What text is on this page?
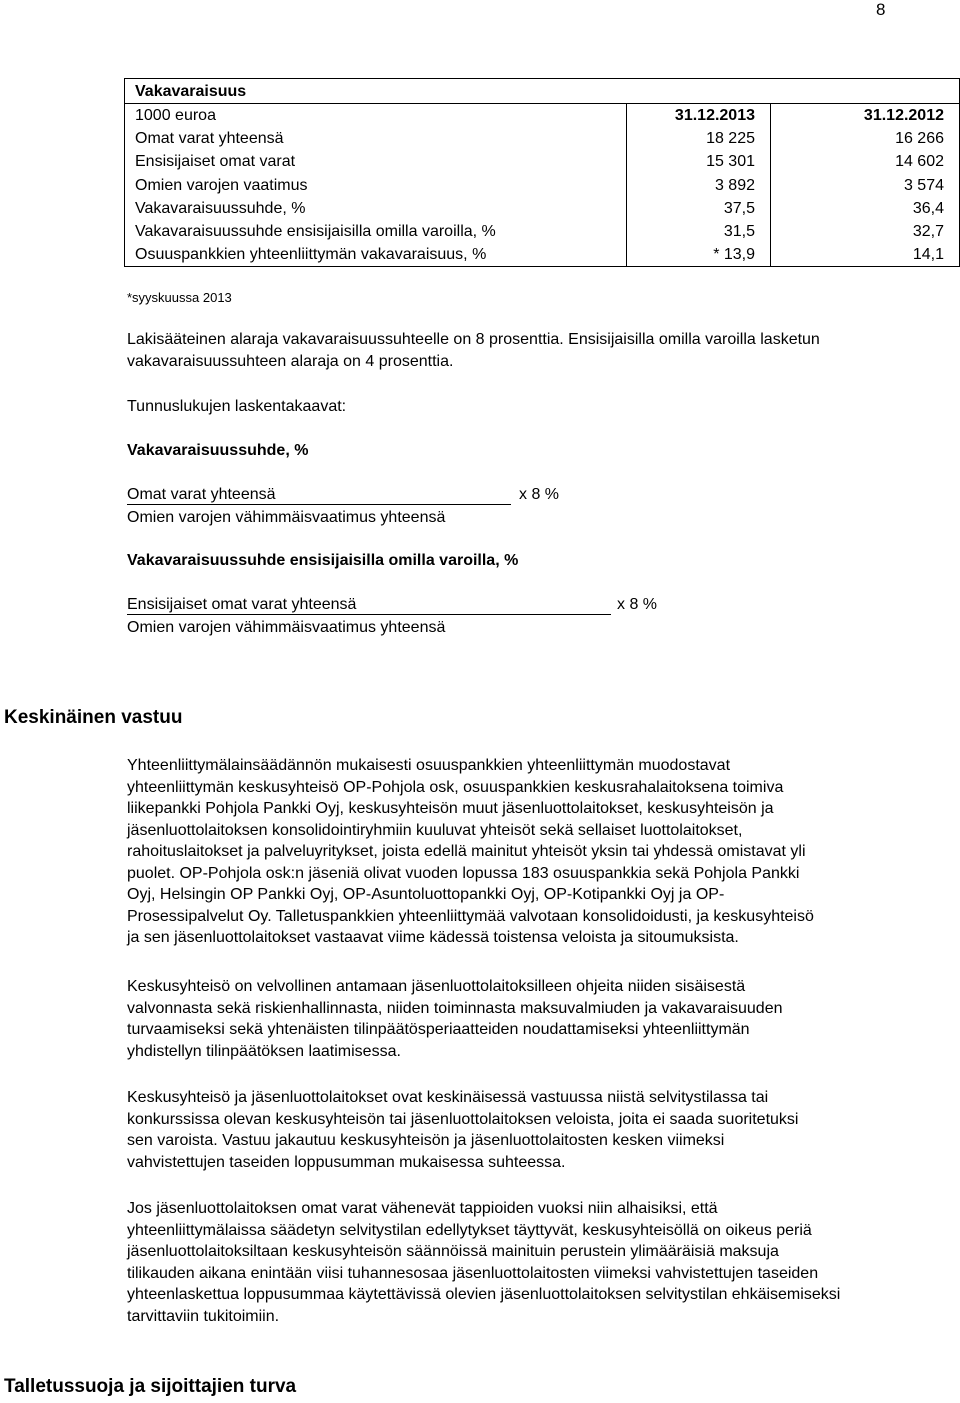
8
Vakavaraisuus
1000 euroa	31.12.2013	31.12.2012
Omat varat yhteensä	18 225	16 266
Ensisijaiset omat varat	15 301	14 602
Omien varojen vaatimus	3 892	3 574
Vakavaraisuussuhde, %	37,5	36,4
Vakavaraisuussuhde ensisijaisilla omilla varoilla, %	31,5	32,7
Osuuspankkien yhteenliittymän vakavaraisuus, %	* 13,9	14,1
*syyskuussa 2013
Lakisääteinen alaraja vakavaraisuussuhteelle on 8 prosenttia. Ensisijaisilla omilla varoilla lasketun
vakavaraisuussuhteen alaraja on 4 prosenttia.
Tunnuslukujen laskentakaavat:
Vakavaraisuussuhde, %
Omat varat yhteensä	x 8 %
Omien varojen vähimmäisvaatimus yhteensä
Vakavaraisuussuhde ensisijaisilla omilla varoilla, %
Ensisijaiset omat varat yhteensä	x 8 %
Omien varojen vähimmäisvaatimus yhteensä
Keskinäinen vastuu
Yhteenliittymälainsäädännön mukaisesti osuuspankkien yhteenliittymän muodostavat
yhteenliittymän keskusyhteisö OP-Pohjola osk, osuuspankkien keskusrahalaitoksena toimiva
liikepankki Pohjola Pankki Oyj, keskusyhteisön muut jäsenluottolaitokset, keskusyhteisön ja
jäsenluottolaitoksen konsolidointiryhmiin kuuluvat yhteisöt sekä sellaiset luottolaitokset,
rahoituslaitokset ja palveluyritykset, joista edellä mainitut yhteisöt yksin tai yhdessä omistavat yli
puolet. OP-Pohjola osk:n jäseniä olivat vuoden lopussa 183 osuuspankkia sekä Pohjola Pankki
Oyj, Helsingin OP Pankki Oyj, OP-Asuntoluottopankki Oyj, OP-Kotipankki Oyj ja OP-
Prosessipalvelut Oy. Talletuspankkien yhteenliittymää valvotaan konsolidoidusti, ja keskusyhteisö
ja sen jäsenluottolaitokset vastaavat viime kädessä toistensa veloista ja sitoumuksista.
Keskusyhteisö on velvollinen antamaan jäsenluottolaitoksilleen ohjeita niiden sisäisestä
valvonnasta sekä riskienhallinnasta, niiden toiminnasta maksuvalmiuden ja vakavaraisuuden
turvaamiseksi sekä yhtenäisten tilinpäätösperiaatteiden noudattamiseksi yhteenliittymän
yhdistellyn tilinpäätöksen laatimisessa.
Keskusyhteisö ja jäsenluottolaitokset ovat keskinäisessä vastuussa niistä selvitystilassa tai
konkurssissa olevan keskusyhteisön tai jäsenluottolaitoksen veloista, joita ei saada suoritetuksi
sen varoista. Vastuu jakautuu keskusyhteisön ja jäsenluottolaitosten kesken viimeksi
vahvistettujen taseiden loppusumman mukaisessa suhteessa.
Jos jäsenluottolaitoksen omat varat vähenevät tappioiden vuoksi niin alhaisiksi, että
yhteenliittymälaissa säädetyn selvitystilan edellytykset täyttyvät, keskusyhteisöllä on oikeus periä
jäsenluottolaitoksiltaan keskusyhteisön säännöissä mainituin perustein ylimääräisiä maksuja
tilikauden aikana enintään viisi tuhannesosaa jäsenluottolaitosten viimeksi vahvistettujen taseiden
yhteenlaskettua loppusummaa käytettävissä olevien jäsenluottolaitoksen selvitystilan ehkäisemiseksi
tarvittaviin tukitoimiin.
Talletussuoja ja sijoittajien turva
